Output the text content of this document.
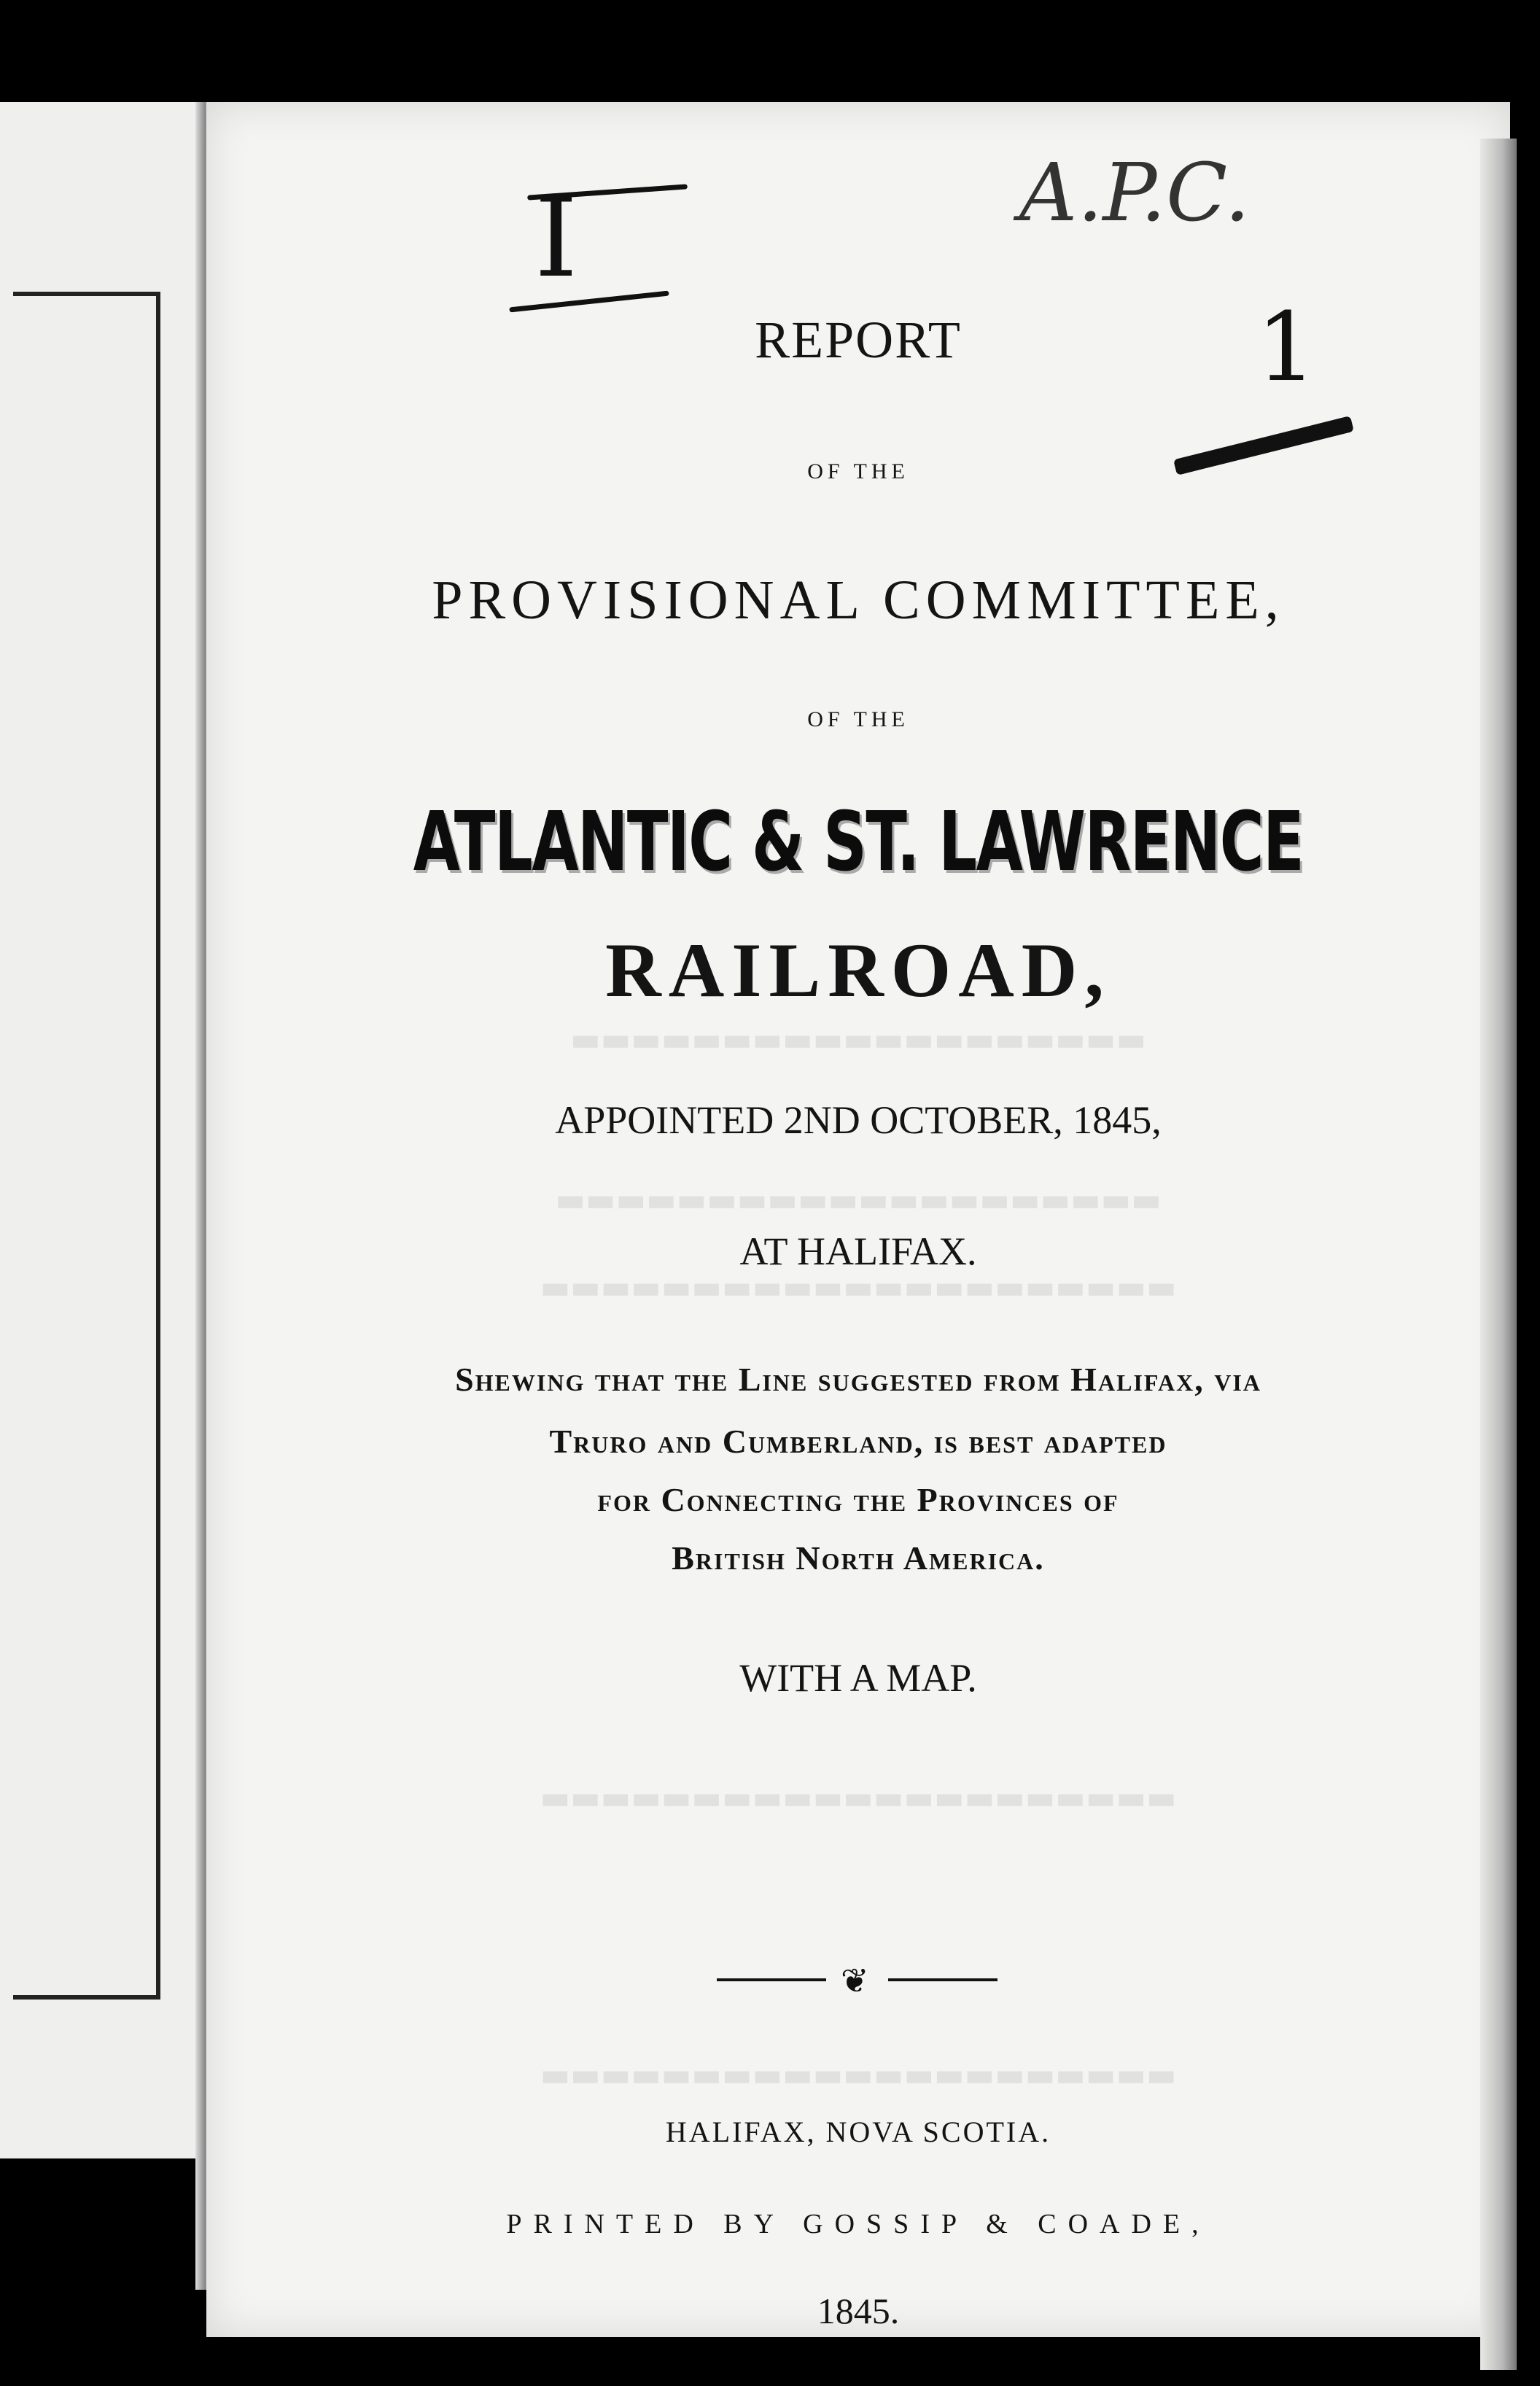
▬▬▬▬▬▬▬▬▬▬▬▬▬▬▬▬▬▬▬
▬▬▬▬▬▬▬▬▬▬▬▬▬▬▬▬▬▬▬▬
▬▬▬▬▬▬▬▬▬▬▬▬▬▬▬▬▬▬▬▬▬
▬▬▬▬▬▬▬▬▬▬▬▬▬▬▬▬▬▬▬▬▬
▬▬▬▬▬▬▬▬▬▬▬▬▬▬▬▬▬▬▬▬▬
I	A.P.C.
1
REPORT
OF THE
PROVISIONAL COMMITTEE,
OF THE
ATLANTIC & ST. LAWRENCE
RAILROAD,
APPOINTED 2ND OCTOBER, 1845,
AT HALIFAX.
Shewing that the Line suggested from Halifax, via
Truro and Cumberland, is best adapted
for Connecting the Provinces of
British North America.
WITH A MAP.
❦
HALIFAX, NOVA SCOTIA.
PRINTED BY GOSSIP & COADE,
1845.
